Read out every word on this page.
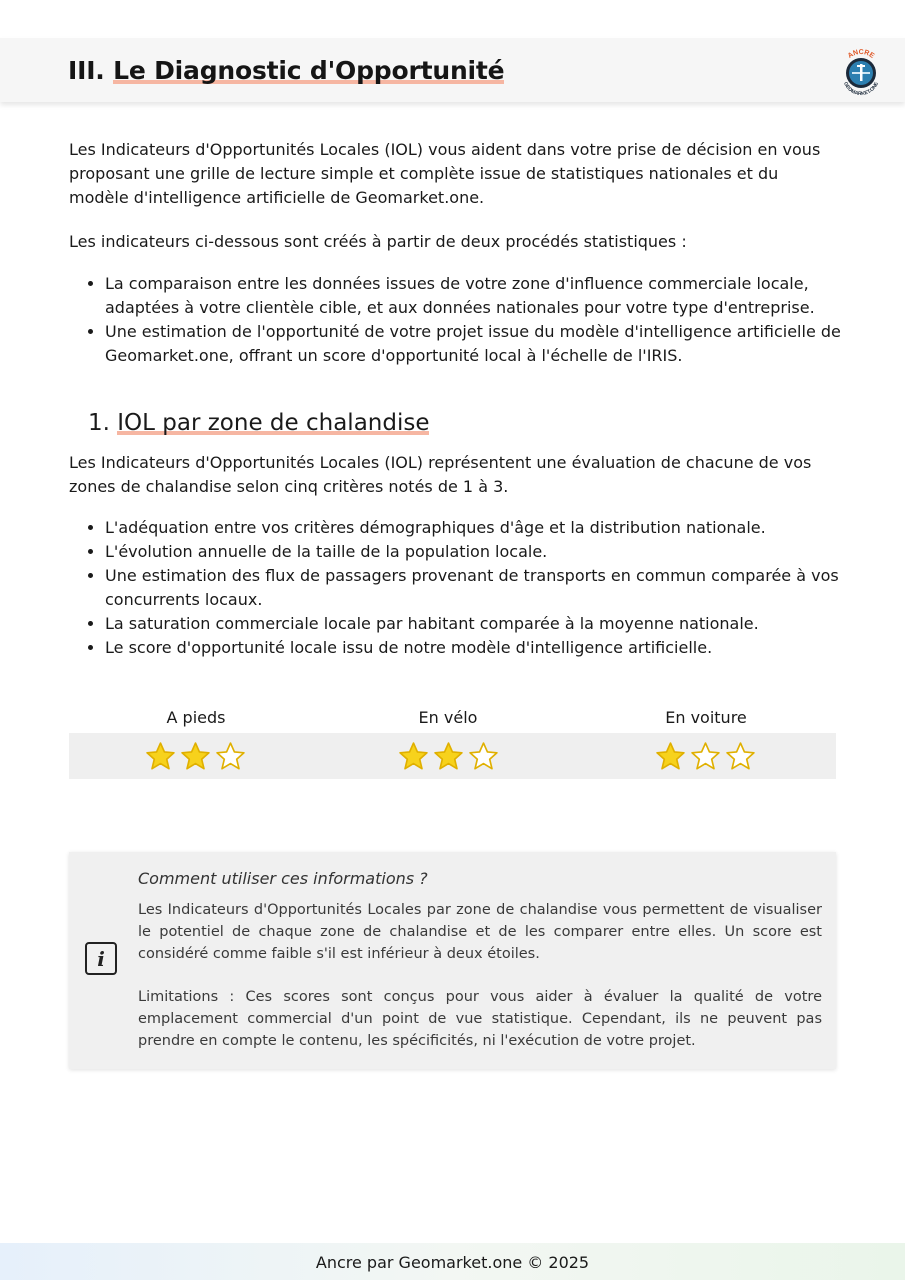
III. Le Diagnostic d'Opportunité
ANCRE
GEOMARKET.ONE

Les Indicateurs d'Opportunités Locales (IOL) vous aident dans votre prise de décision en vous proposant une grille de lecture simple et complète issue de statistiques nationales et du modèle d'intelligence artificielle de Geomarket.one.

Les indicateurs ci-dessous sont créés à partir de deux procédés statistiques :

• La comparaison entre les données issues de votre zone d'influence commerciale locale, adaptées à votre clientèle cible, et aux données nationales pour votre type d'entreprise.
• Une estimation de l'opportunité de votre projet issue du modèle d'intelligence artificielle de Geomarket.one, offrant un score d'opportunité local à l'échelle de l'IRIS.
1. IOL par zone de chalandise

Les Indicateurs d'Opportunités Locales (IOL) représentent une évaluation de chacune de vos zones de chalandise selon cinq critères notés de 1 à 3.

• L'adéquation entre vos critères démographiques d'âge et la distribution nationale.
• L'évolution annuelle de la taille de la population locale.
• Une estimation des flux de passagers provenant de transports en commun comparée à vos concurrents locaux.
• La saturation commerciale locale par habitant comparée à la moyenne nationale.
• Le score d'opportunité locale issu de notre modèle d'intelligence artificielle.
A pieds	En vélo	En voiture
i

Comment utiliser ces informations ?

Les Indicateurs d'Opportunités Locales par zone de chalandise vous permettent de visualiser le potentiel de chaque zone de chalandise et de les comparer entre elles. Un score est considéré comme faible s'il est inférieur à deux étoiles.

Limitations : Ces scores sont conçus pour vous aider à évaluer la qualité de votre emplacement commercial d'un point de vue statistique. Cependant, ils ne peuvent pas prendre en compte le contenu, les spécificités, ni l'exécution de votre projet.

Ancre par Geomarket.one © 2025
